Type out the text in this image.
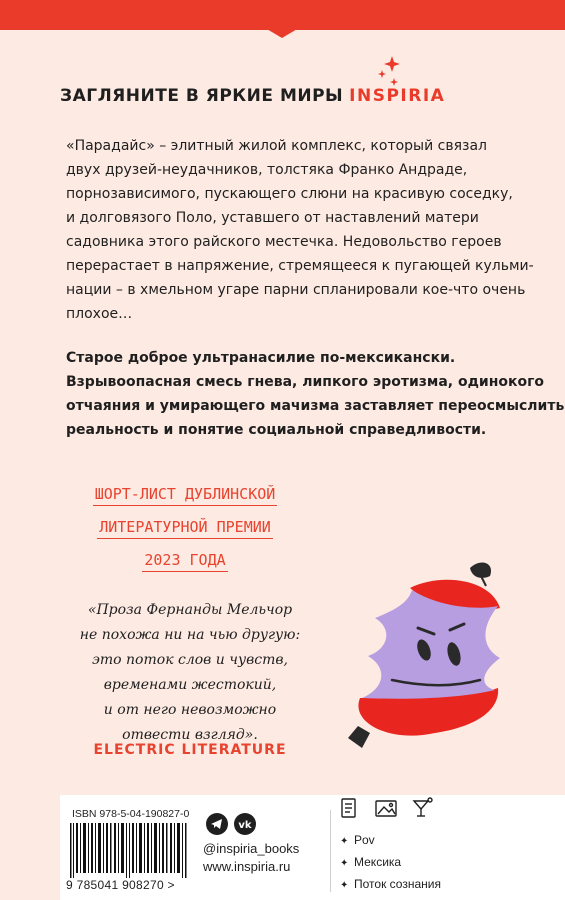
ЗАГЛЯНИТЕ В ЯРКИЕ МИРЫ INSPIRIA
«Парадайс» – элитный жилой комплекс, который связал
двух друзей-неудачников, толстяка Франко Андраде,
порнозависимого, пускающего слюни на красивую соседку,
и долговязого Поло, уставшего от наставлений матери
садовника этого райского местечка. Недовольство героев
перерастает в напряжение, стремящееся к пугающей кульми-
нации – в хмельном угаре парни спланировали кое-что очень
плохое…
Старое доброе ультранасилие по-мексикански.
Взрывоопасная смесь гнева, липкого эротизма, одинокого
отчаяния и умирающего мачизма заставляет переосмыслить
реальность и понятие социальной справедливости.
ШОРТ-ЛИСТ ДУБЛИНСКОЙ
ЛИТЕРАТУРНОЙ ПРЕМИИ
2023 ГОДА
«Проза Фернанды Мельчор
не похожа ни на чью другую:
это поток слов и чувств,
временами жестокий,
и от него невозможно
отвести взгляд».
ELECTRIC LITERATURE
ISBN 978-5-04-190827-0
9 785041 908270 >
vk
@inspiria_books
www.inspiria.ru
✦ Pov
✦ Мексика
✦ Поток сознания
